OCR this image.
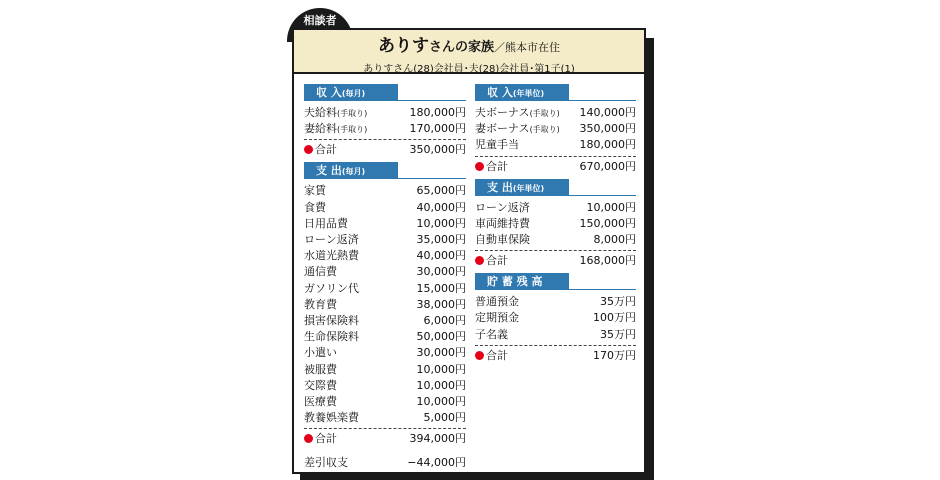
相談者
ありすさんの家族／熊本市在住
ありすさん(28)会社員･夫(28)会社員･第1子(1)
収 入(毎月)
夫給料(手取り)	180,000円
妻給料(手取り)	170,000円
合計	350,000円
支 出(毎月)
家賃	65,000円
食費	40,000円
日用品費	10,000円
ローン返済	35,000円
水道光熱費	40,000円
通信費	30,000円
ガソリン代	15,000円
教育費	38,000円
損害保険料	6,000円
生命保険料	50,000円
小遣い	30,000円
被服費	10,000円
交際費	10,000円
医療費	10,000円
教養娯楽費	5,000円
合計	394,000円
差引収支	−44,000円
収 入(年単位)
夫ボーナス(手取り) 140,000円
妻ボーナス(手取り) 350,000円
児童手当	180,000円
合計	670,000円
支 出(年単位)
ローン返済	10,000円
車両維持費	150,000円
自動車保険	8,000円
合計	168,000円
貯 蓄 残 高
普通預金	35万円
定期預金	100万円
子名義	35万円
合計	170万円
